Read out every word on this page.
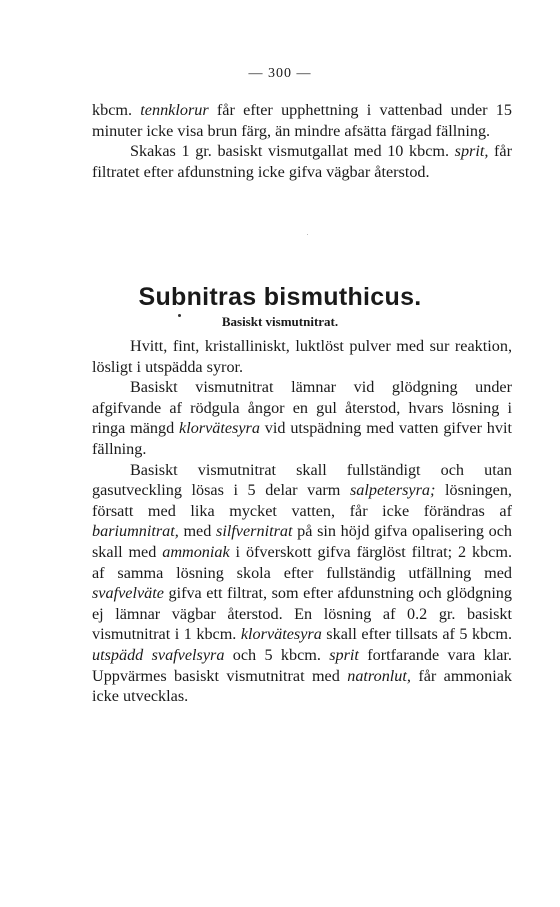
— 300 —

kbcm. tennklorur får efter upphettning i vattenbad under 15 minuter icke visa brun färg, än mindre afsätta färgad fällning.

Skakas 1 gr. basiskt vismutgallat med 10 kbcm. sprit, får filtratet efter afdunstning icke gifva vägbar återstod.

Subnitras bismuthicus.
Basiskt vismutnitrat.

Hvitt, fint, kristalliniskt, luktlöst pulver med sur reaktion, lösligt i utspädda syror.

Basiskt vismutnitrat lämnar vid glödgning under afgifvande af rödgula ångor en gul återstod, hvars lösning i ringa mängd klorvätesyra vid utspädning med vatten gifver hvit fällning.

Basiskt vismutnitrat skall fullständigt och utan gasutveckling lösas i 5 delar varm salpetersyra; lösningen, försatt med lika mycket vatten, får icke förändras af bariumnitrat, med silfvernitrat på sin höjd gifva opalisering och skall med ammoniak i öfverskott gifva färglöst filtrat; 2 kbcm. af samma lösning skola efter fullständig utfällning med svafvelväte gifva ett filtrat, som efter afdunstning och glödgning ej lämnar vägbar återstod. En lösning af 0.2 gr. basiskt vismutnitrat i 1 kbcm. klorvätesyra skall efter tillsats af 5 kbcm. utspädd svafvelsyra och 5 kbcm. sprit fortfarande vara klar. Uppvärmes basiskt vismutnitrat med natronlut, får ammoniak icke utvecklas.
